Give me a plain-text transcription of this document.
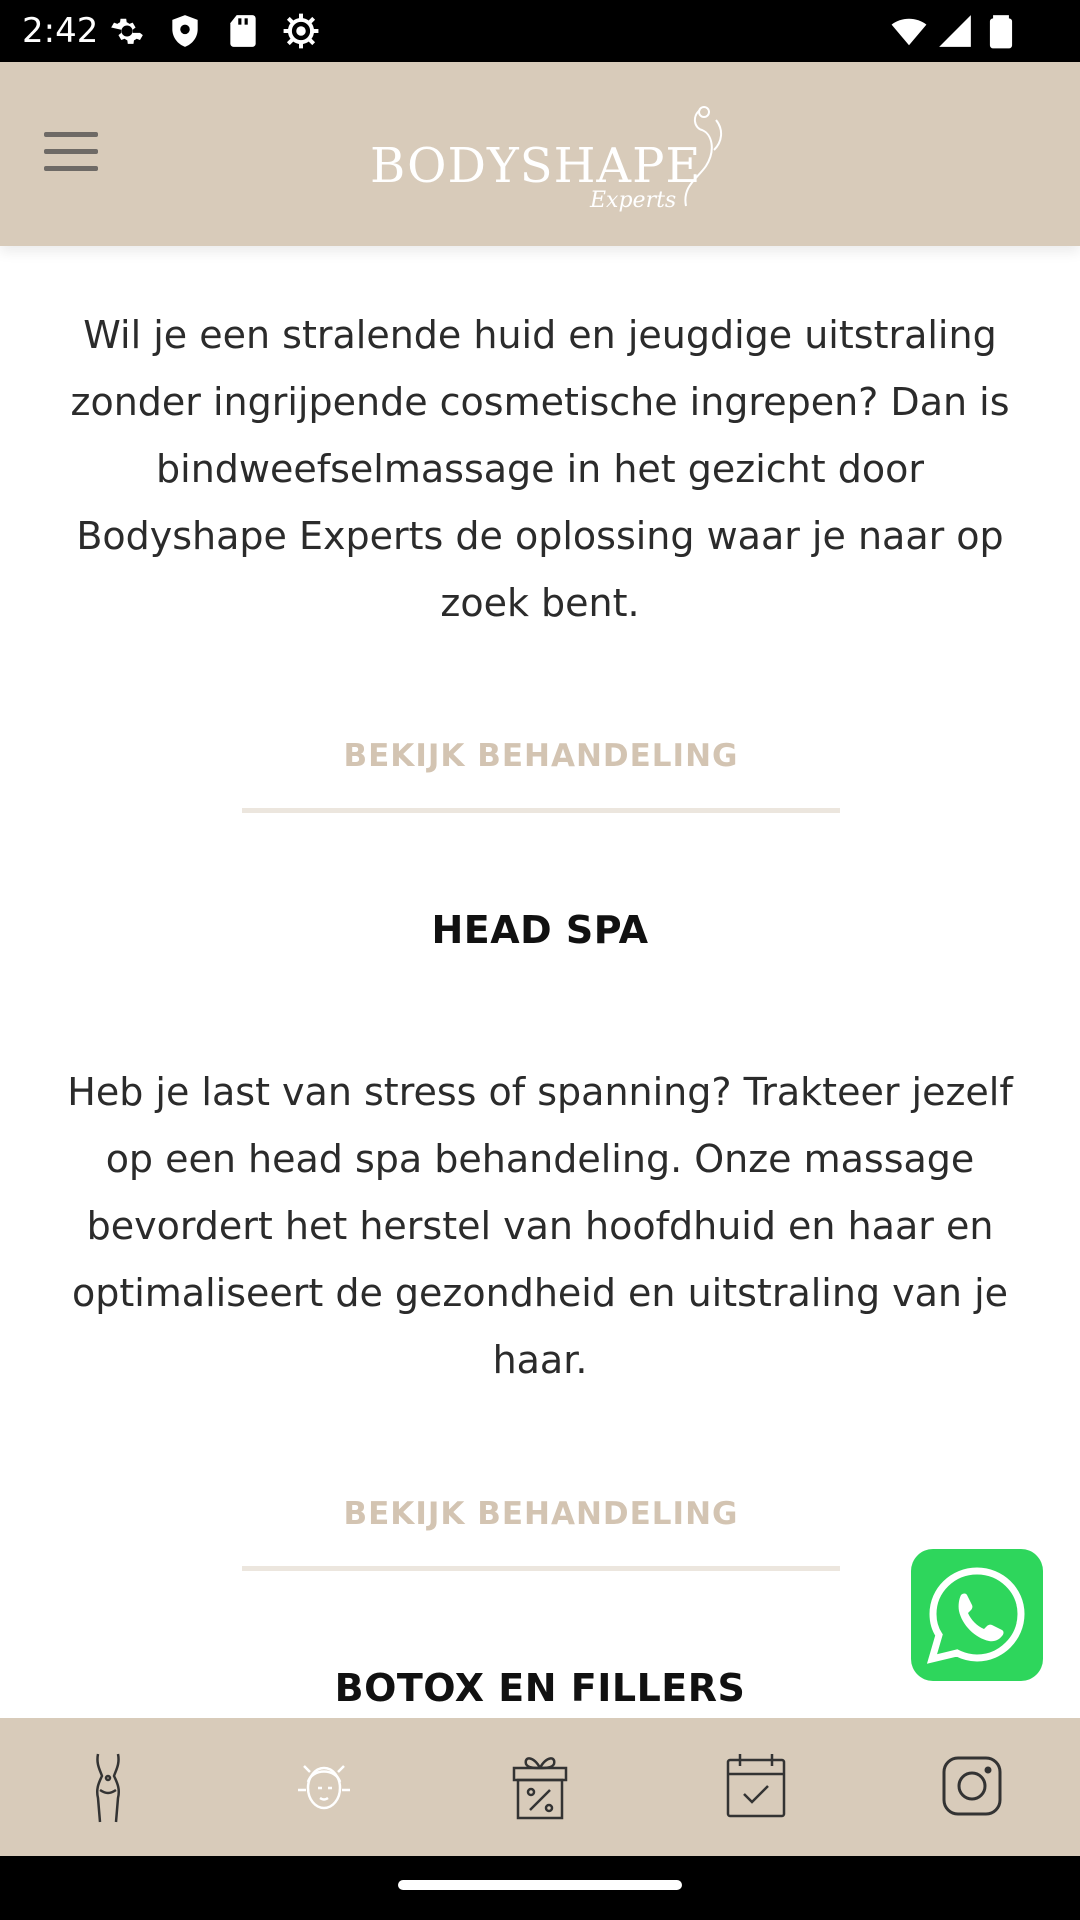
2:42
BODYSHAPE
Experts
Wil je een stralende huid en jeugdige uitstraling zonder ingrijpende cosmetische ingrepen? Dan is bindweefselmassage in het gezicht door Bodyshape Experts de oplossing waar je naar op zoek bent.
BEKIJK BEHANDELING
HEAD SPA
Heb je last van stress of spanning? Trakteer jezelf op een head spa behandeling. Onze massage bevordert het herstel van hoofdhuid en haar en optimaliseert de gezondheid en uitstraling van je haar.
BEKIJK BEHANDELING
BOTOX EN FILLERS
